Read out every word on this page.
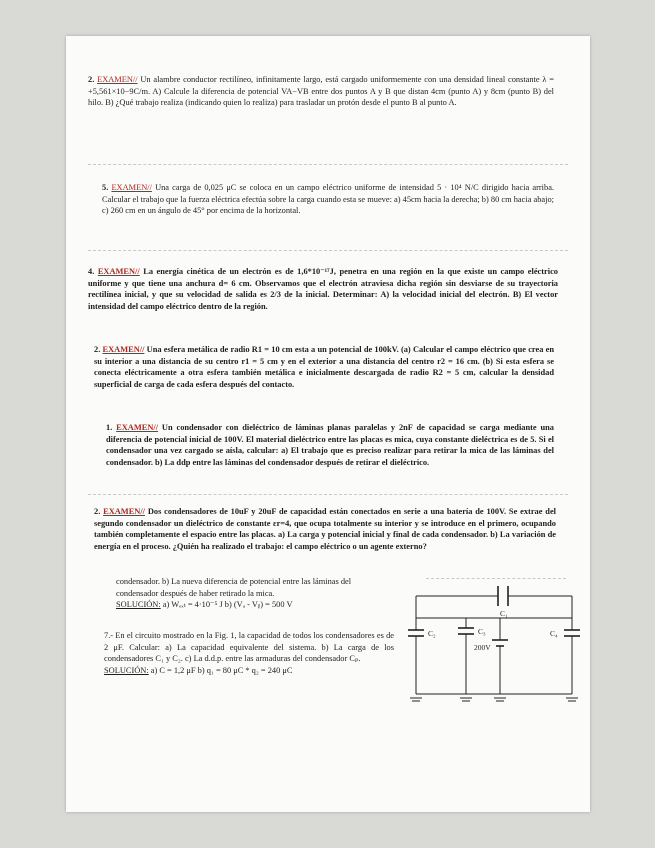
2. EXAMEN// Un alambre conductor rectilíneo, infinitamente largo, está cargado uniformemente con una densidad lineal constante λ = +5,561×10−9C/m. A) Calcule la diferencia de potencial VA−VB entre dos puntos A y B que distan 4cm (punto A) y 8cm (punto B) del hilo. B) ¿Qué trabajo realiza (indicando quien lo realiza) para trasladar un protón desde el punto B al punto A.
5. EXAMEN// Una carga de 0,025 μC se coloca en un campo eléctrico uniforme de intensidad 5 · 10⁴ N/C dirigido hacia arriba. Calcular el trabajo que la fuerza eléctrica efectúa sobre la carga cuando esta se mueve: a) 45cm hacia la derecha; b) 80 cm hacia abajo; c) 260 cm en un ángulo de 45° por encima de la horizontal.
4. EXAMEN// La energía cinética de un electrón es de 1,6*10⁻¹⁷J, penetra en una región en la que existe un campo eléctrico uniforme y que tiene una anchura d= 6 cm. Observamos que el electrón atraviesa dicha región sin desviarse de su trayectoria rectilínea inicial, y que su velocidad de salida es 2/3 de la inicial. Determinar: A) la velocidad inicial del electrón. B) El vector intensidad del campo eléctrico dentro de la región.
2. EXAMEN// Una esfera metálica de radio R1 = 10 cm esta a un potencial de 100kV. (a) Calcular el campo eléctrico que crea en su interior a una distancia de su centro r1 = 5 cm y en el exterior a una distancia del centro r2 = 16 cm. (b) Si esta esfera se conecta eléctricamente a otra esfera también metálica e inicialmente descargada de radio R2 = 5 cm, calcular la densidad superficial de carga de cada esfera después del contacto.
1. EXAMEN// Un condensador con dieléctrico de láminas planas paralelas y 2nF de capacidad se carga mediante una diferencia de potencial inicial de 100V. El material dieléctrico entre las placas es mica, cuya constante dieléctrica es de 5. Si el condensador una vez cargado se aísla, calcular: a) El trabajo que es preciso realizar para retirar la mica de las láminas del condensador. b) La ddp entre las láminas del condensador después de retirar el dieléctrico.
2. EXAMEN// Dos condensadores de 10uF y 20uF de capacidad están conectados en serie a una batería de 100V. Se extrae del segundo condensador un dieléctrico de constante εr=4, que ocupa totalmente su interior y se introduce en el primero, ocupando también completamente el espacio entre las placas. a) La carga y potencial inicial y final de cada condensador. b) La variación de energía en el proceso. ¿Quién ha realizado el trabajo: el campo eléctrico o un agente externo?
condensador. b) La nueva diferencia de potencial entre las láminas del
condensador después de haber retirado la mica.
SOLUCIÓN: a) Wₑₓₜ = 4·10⁻⁵ J b) (Vₐ - Vᵦ) = 500 V
7.- En el circuito mostrado en la Fig. 1, la capacidad de todos los condensadores es de 2 μF. Calcular: a) La capacidad equivalente del sistema. b) La carga de los condensadores C₁ y C₂. c) La d.d.p. entre las armaduras del condensador Cₚ.
SOLUCIÓN: a) C = 1,2 μF b) q₁ = 80 μC * q₂ = 240 μC
C₁
C₂	C₃	C₄
200V
